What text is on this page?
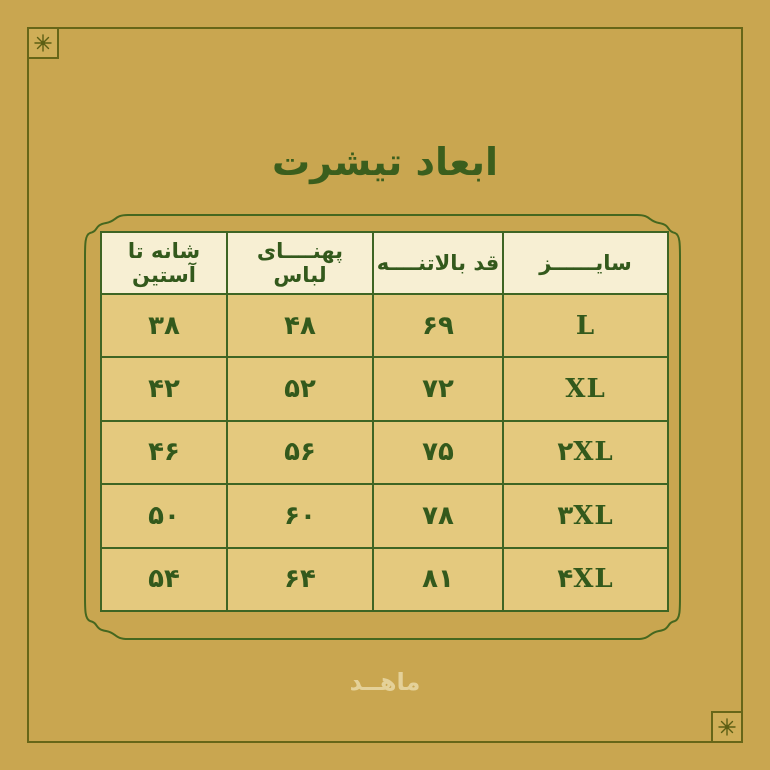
ابعاد تیشرت
سایــــــز	قد بالاتنــــه	پهنــــای لباس	شانه تا آستین
L	۶۹	۴۸	۳۸
XL	۷۲	۵۲	۴۲
۲XL	۷۵	۵۶	۴۶
۳XL	۷۸	۶۰	۵۰
۴XL	۸۱	۶۴	۵۴
ماهــد
